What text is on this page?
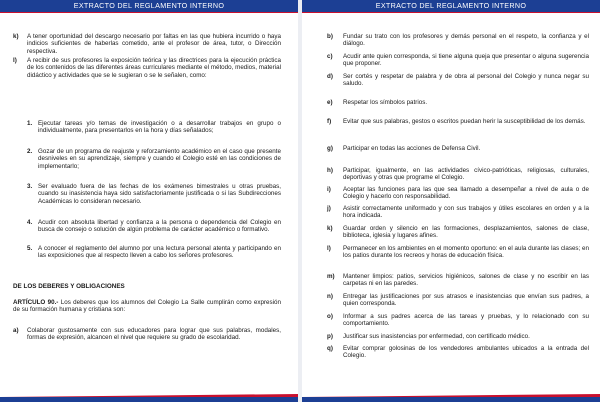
EXTRACTO DEL REGLAMENTO INTERNO
k)	A tener oportunidad del descargo necesario por faltas en las que hubiera incurrido o haya indicios suficientes de haberlas cometido, ante el profesor de área, tutor, o Dirección respectiva.
l)	A recibir de sus profesores la exposición teórica y las directrices para la ejecución práctica de los contenidos de las diferentes áreas curriculares mediante el método, medios, material didáctico y actividades que se le sugieran o se le señalen, como:
1. Ejecutar tareas y/o temas de investigación o a desarrollar trabajos en grupo o individualmente, para presentarlos en la hora y días señalados;
2. Gozar de un programa de reajuste y reforzamiento académico en el caso que presente desniveles en su aprendizaje, siempre y cuando el Colegio esté en las condiciones de implementarlo;
3. Ser evaluado fuera de las fechas de los exámenes bimestrales u otras pruebas, cuando su inasistencia haya sido satisfactoriamente justificada o si las Subdirecciones Académicas lo consideran necesario.
4. Acudir con absoluta libertad y confianza a la persona o dependencia del Colegio en busca de consejo o solución de algún problema de carácter académico o formativo.
5. A conocer el reglamento del alumno por una lectura personal atenta y participando en las exposiciones que al respecto lleven a cabo los señores profesores.
DE LOS DEBERES Y OBLIGACIONES
ARTÍCULO 90.- Los deberes que los alumnos del Colegio La Salle cumplirán como expresión de su formación humana y cristiana son:
a)	Colaborar gustosamente con sus educadores para lograr que sus palabras, modales, formas de expresión, alcancen el nivel que requiere su grado de escolaridad.
EXTRACTO DEL REGLAMENTO INTERNO
b)	Fundar su trato con los profesores y demás personal en el respeto, la confianza y el diálogo.
c)	Acudir ante quien corresponda, si tiene alguna queja que presentar o alguna sugerencia que proponer.
d)	Ser cortés y respetar de palabra y de obra al personal del Colegio y nunca negar su saludo.
e)	Respetar los símbolos patrios.
f)	Evitar que sus palabras, gestos o escritos puedan herir la susceptibilidad de los demás.
g)	Participar en todas las acciones de Defensa Civil.
h)	Participar, igualmente, en las actividades cívico-patrióticas, religiosas, culturales, deportivas y otras que programe el Colegio.
i)	Aceptar las funciones para las que sea llamado a desempeñar a nivel de aula o de Colegio y hacerlo con responsabilidad.
j)	Asistir correctamente uniformado y con sus trabajos y útiles escolares en orden y a la hora indicada.
k)	Guardar orden y silencio en las formaciones, desplazamientos, salones de clase, biblioteca, iglesia y lugares afines.
l)	Permanecer en los ambientes en el momento oportuno: en el aula durante las clases; en los patios durante los recreos y horas de educación física.
m)	Mantener limpios: patios, servicios higiénicos, salones de clase y no escribir en las carpetas ni en las paredes.
n)	Entregar las justificaciones por sus atrasos e inasistencias que envían sus padres, a quien corresponda.
o)	Informar a sus padres acerca de las tareas y pruebas, y lo relacionado con su comportamiento.
p)	Justificar sus inasistencias por enfermedad, con certificado médico.
q)	Evitar comprar golosinas de los vendedores ambulantes ubicados a la entrada del Colegio.
